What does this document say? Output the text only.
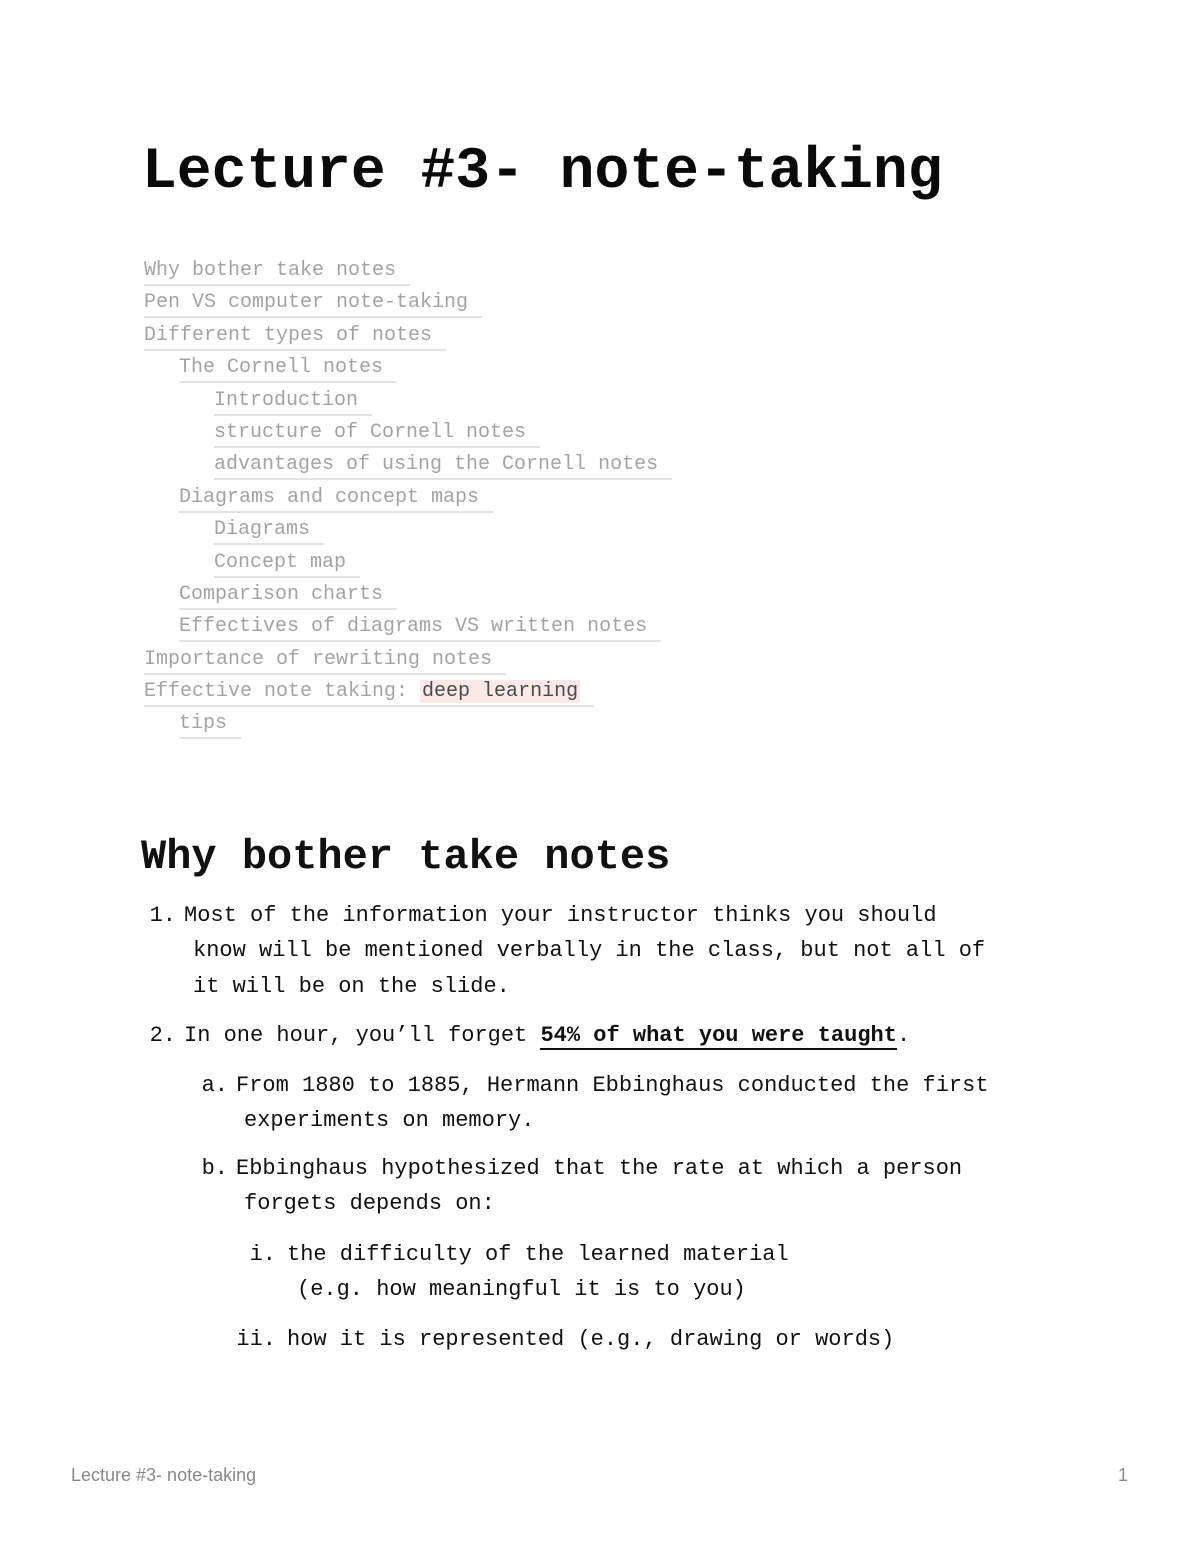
Lecture #3- note-taking
Why bother take notes
Pen VS computer note-taking
Different types of notes
The Cornell notes
Introduction
structure of Cornell notes
advantages of using the Cornell notes
Diagrams and concept maps
Diagrams
Concept map
Comparison charts
Effectives of diagrams VS written notes
Importance of rewriting notes
Effective note taking: deep learning
tips
Why bother take notes
1. Most of the information your instructor thinks you should
know will be mentioned verbally in the class, but not all of
it will be on the slide.
2. In one hour, you’ll forget 54% of what you were taught.
a. From 1880 to 1885, Hermann Ebbinghaus conducted the first
experiments on memory.
b. Ebbinghaus hypothesized that the rate at which a person
forgets depends on:
i. the difficulty of the learned material
(e.g. how meaningful it is to you)
ii. how it is represented (e.g., drawing or words)
Lecture #3- note-taking	1
